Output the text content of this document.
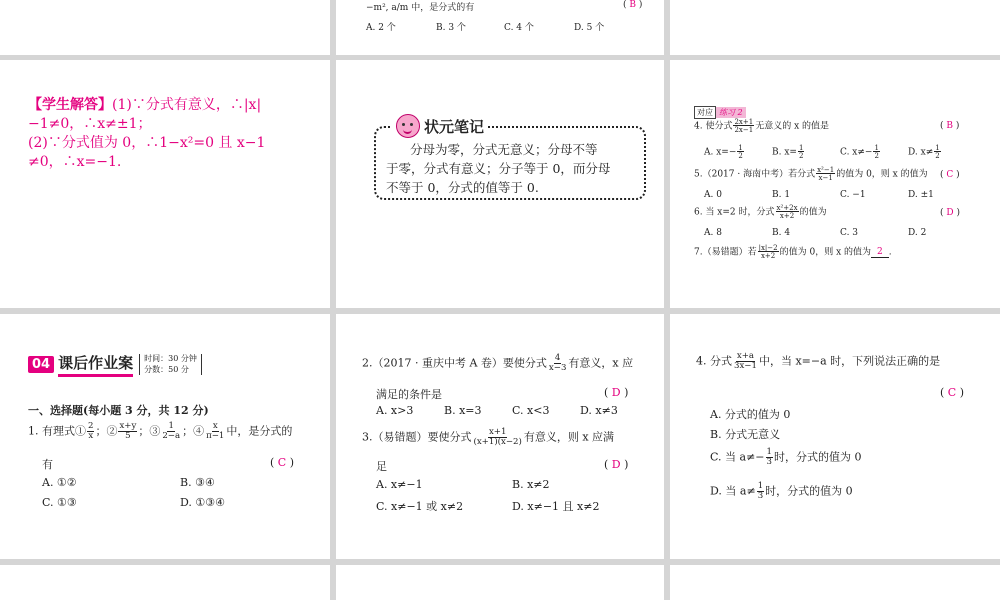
−m², a/m 中，是分式的有	( B )
A. 2 个	B. 3 个	C. 4 个	D. 5 个
【学生解答】(1)∵分式有意义，∴|x|
−1≠0，∴x≠±1；
(2)∵分式值为 0，∴1−x²=0 且 x−1
≠0，∴x=−1.
状元笔记
分母为零，分式无意义；分母不等
于零，分式有意义；分子等于 0，而分母
不等于 0，分式的值等于 0.
对应 练习 2
4. 使分式 $\frac{2x+1}{2x-1}$ 无意义的 x 的值是	( B )
A. $x=- \frac{1}{2}$	B. $x= \frac{1}{2}$	C. $x\ne- \frac{1}{2}$	D. $x\ne \frac{1}{2}$
5.（2017 · 海南中考）若分式 $\frac{\text{x²−1}}{x-1}$ 的值为 0，则 x 的值为 ( C )
A. 0	B. 1	C. −1	D. ±1
6. 当 x=2 时，分式 $\frac{\text{x²+2x}}{x+2}$ 的值为	( D )
A. 8	B. 4	C. 3	D. 2
7.（易错题）若 $\frac{|x|-2}{x+2}$ 的值为 0，则 x 的值为 2 .
04 课后作业案	时间：30 分钟
分数：50 分
一、选择题(每小题 3 分，共 12 分)
1. 有理式① $\frac{2}{x}$ ；② $\frac{x+y}{5}$ ；③ $\frac{1}{2-a}$ ；④ $\frac{x}{\pi-1}$ 中，是分式的
有	( C )
A. ①②	B. ③④
C. ①③	D. ①③④
2.（2017 · 重庆中考 A 卷）要使分式 $\frac{4}{x-3}$ 有意义，x 应
满足的条件是	( D )
A. x>3	B. x=3	C. x<3	D. x≠3
3.（易错题）要使分式 $\frac{x+1}{(x+1)(x-2)}$ 有意义，则 x 应满
足	( D )
A. x≠−1	B. x≠2
C. x≠−1 或 x≠2	D. x≠−1 且 x≠2
4. 分式 $\frac{x+a}{3x-1}$ 中，当 x=−a 时，下列说法正确的是
( C )
A. 分式的值为 0
B. 分式无意义
C. 当 $a\ne- \frac{1}{3}$ 时，分式的值为 0
D. 当 $a\ne \frac{1}{3}$ 时，分式的值为 0
